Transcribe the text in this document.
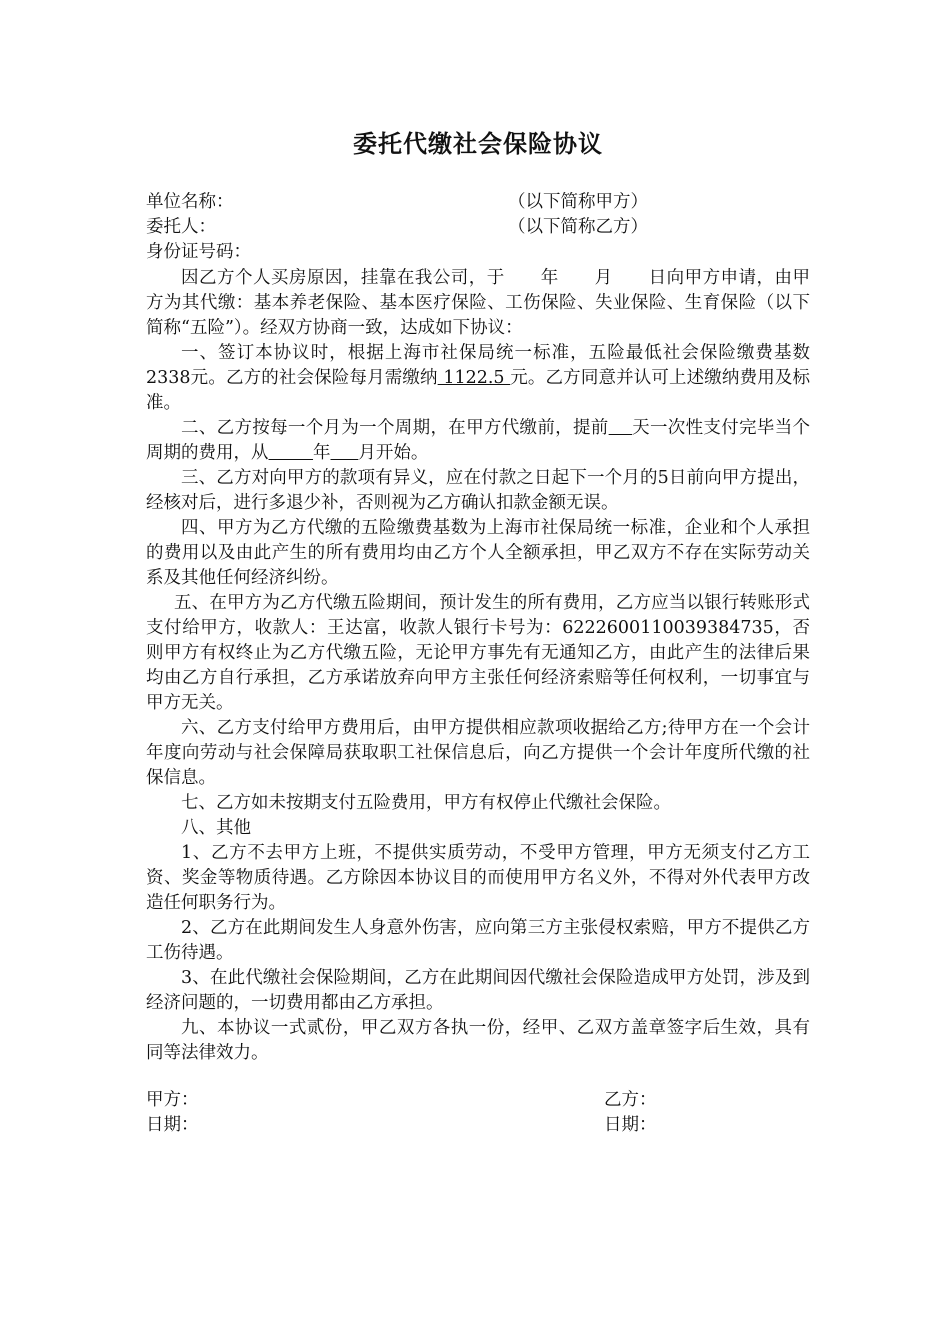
委托代缴社会保险协议
单位名称：	（以下简称甲方）
委托人：	（以下简称乙方）
身份证号码：

因乙方个人买房原因，挂靠在我公司，于　　年　　月　　日向甲方申请，由甲方为其代缴：基本养老保险、基本医疗保险、工伤保险、失业保险、生育保险（以下简称“五险”）。经双方协商一致，达成如下协议：

一、签订本协议时，根据上海市社保局统一标准，五险最低社会保险缴费基数2338元。乙方的社会保险每月需缴纳 1122.5 元。乙方同意并认可上述缴纳费用及标准。

二、乙方按每一个月为一个周期，在甲方代缴前，提前 天一次性支付完毕当个周期的费用，从	年 月开始。

三、乙方对向甲方的款项有异义，应在付款之日起下一个月的5日前向甲方提出，经核对后，进行多退少补，否则视为乙方确认扣款金额无误。

四、甲方为乙方代缴的五险缴费基数为上海市社保局统一标准，企业和个人承担的费用以及由此产生的所有费用均由乙方个人全额承担，甲乙双方不存在实际劳动关系及其他任何经济纠纷。

五、在甲方为乙方代缴五险期间，预计发生的所有费用，乙方应当以银行转账形式支付给甲方，收款人：王达富，收款人银行卡号为：6222600110039384735，否则甲方有权终止为乙方代缴五险，无论甲方事先有无通知乙方，由此产生的法律后果均由乙方自行承担，乙方承诺放弃向甲方主张任何经济索赔等任何权利，一切事宜与甲方无关。

六、乙方支付给甲方费用后，由甲方提供相应款项收据给乙方;待甲方在一个会计年度向劳动与社会保障局获取职工社保信息后，向乙方提供一个会计年度所代缴的社保信息。

七、乙方如未按期支付五险费用，甲方有权停止代缴社会保险。

八、其他

1、乙方不去甲方上班，不提供实质劳动，不受甲方管理，甲方无须支付乙方工资、奖金等物质待遇。乙方除因本协议目的而使用甲方名义外，不得对外代表甲方改造任何职务行为。

2、乙方在此期间发生人身意外伤害，应向第三方主张侵权索赔，甲方不提供乙方工伤待遇。

3、在此代缴社会保险期间，乙方在此期间因代缴社会保险造成甲方处罚，涉及到经济问题的，一切费用都由乙方承担。

九、本协议一式贰份，甲乙双方各执一份，经甲、乙双方盖章签字后生效，具有同等法律效力。

甲方：	乙方：
日期：	日期：
